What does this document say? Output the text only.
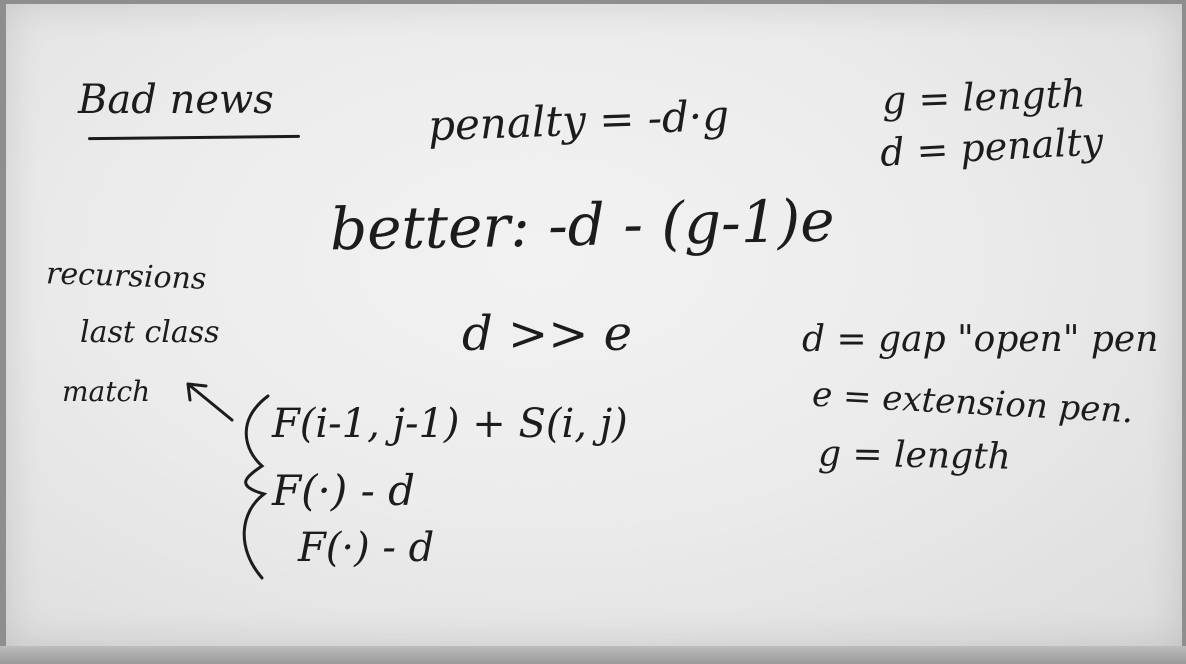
Bad news	penalty = -d·g	g = length
d = penalty
better: -d - (g-1)e
recursions
last class
match
d >> e	d = gap "open" pen
e = extension pen.
g = length
F(i-1, j-1) + S(i, j)
F(·) - d
F(·) - d
